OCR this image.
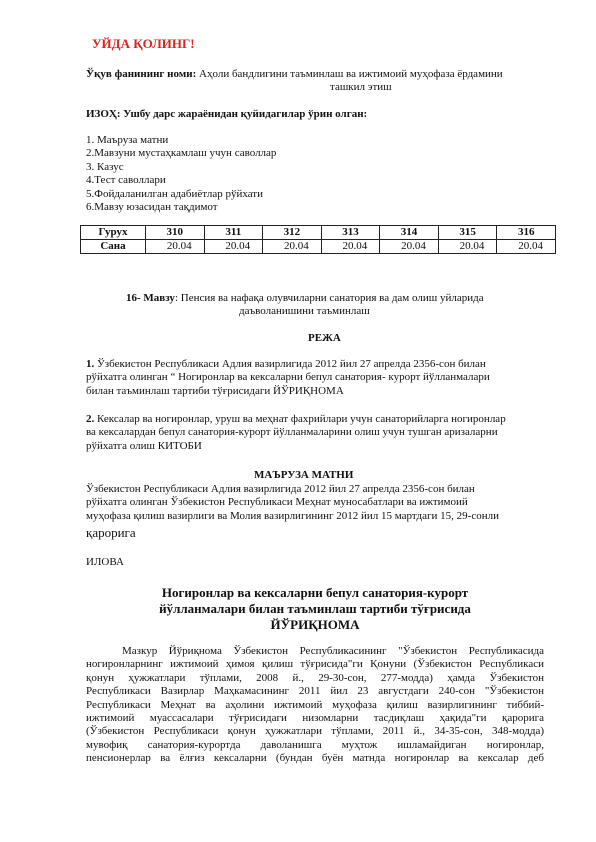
УЙДА ҚОЛИНГ!
Ўқув фанининг номи: Аҳоли бандлигини таъминлаш ва ижтимоий муҳофаза ёрдамини
ташкил этиш
ИЗОҲ: Ушбу дарс жараёнидан қуйидагилар ўрин олган:
1. Маъруза матни
2.Мавзуни мустаҳкамлаш учун саволлар
3. Казус
4.Тест саволлари
5.Фойдаланилган адабиётлар рўйхати
6.Мавзу юзасидан тақдимот
Гурух	310	311	312	313	314	315	316
Сана	20.04	20.04	20.04	20.04	20.04	20.04	20.04
16- Мавзу: Пенсия ва нафақа олувчиларни санатория ва дам олиш уйларида
даъволанишини таъминлаш
РЕЖА
1. Ўзбекистон Республикаси Адлия вазирлигида 2012 йил 27 апрелда 2356-сон билан
рўйхатга олинган “ Ногиронлар ва кексаларни бепул санатория- курорт йўлланмалари
билан таъминлаш тартиби тўғрисидаги ЙЎРИҚНОМА
2. Кексалар ва ногиронлар, уруш ва меҳнат фахрийлари учун санаторийларга ногиронлар
ва кексалардан бепул санатория-курорт йўлланмаларини олиш учун тушган аризаларни
рўйхатга олиш КИТОБИ
МАЪРУЗА МАТНИ
Ўзбекистон Республикаси Адлия вазирлигида 2012 йил 27 апрелда 2356-сон билан
рўйхатга олинган Ўзбекистон Республикаси Меҳнат муносабатлари ва ижтимоий
муҳофаза қилиш вазирлиги ва Молия вазирлигининг 2012 йил 15 мартдаги 15, 29-сонли
қарорига
ИЛОВА
Ногиронлар ва кексаларни бепул санатория-курорт
йўлланмалари билан таъминлаш тартиби тўғрисида
ЙЎРИҚНОМА
Мазкур Йўриқнома Ўзбекистон Республикасининг "Ўзбекистон Республикасида
ногиронларнинг ижтимоий ҳимоя қилиш тўғрисида"ги Қонуни (Ўзбекистон Республикаси
қонун ҳужжатлари тўплами, 2008 й., 29-30-сон, 277-модда) ҳамда Ўзбекистон
Республикаси Вазирлар Маҳкамасининг 2011 йил 23 августдаги 240-сон "Ўзбекистон
Республикаси Меҳнат ва аҳолини ижтимоий муҳофаза қилиш вазирлигининг тиббий-
ижтимоий муассасалари тўғрисидаги низомларни тасдиқлаш ҳақида"ги қарорига
(Ўзбекистон Республикаси қонун ҳужжатлари тўплами, 2011 й., 34-35-сон, 348-модда)
мувофиқ санатория-курортда даволанишга муҳтож ишламайдиган ногиронлар,
пенсионерлар ва ёлғиз кексаларни (бундан буён матнда ногиронлар ва кексалар деб
